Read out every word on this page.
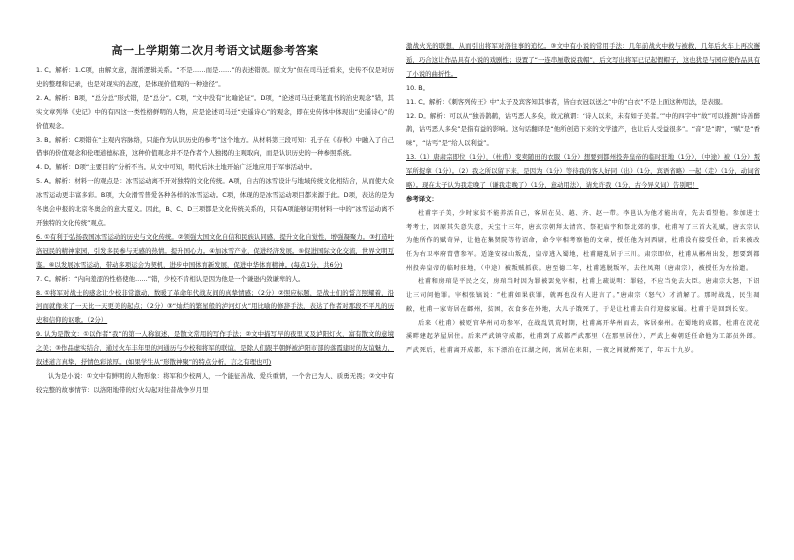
高一上学期第二次月考语文试题参考答案

1. C。解析：1.C项，由解文意，混淆逻辑关系。“不是……而是……”的表述错误。原文为“但在司马迁看来，史传不仅是对历史的整理和记录，也是对现实的态度，是体现价值观的一种途径”。

2. A。解析：B项，“总分总”形式错，是“总分”。C项，“文中没有“比喻论证”。D项，“论述司马迁秉笔直书的治史观念”错，其实文章列举《史记》中的有四这一类性格鲜明的人物，应是论述司马迁“史遥诗心”的观念，即在史传体中体现出“史遥诗心”的价值观念。

3. B。解析：C项错在“主观内容脉络，只能作为认识历史的参考”这个地方。从材料第三段可知：孔子在《春秋》中融入了自己借事的价值观念和伦理道德标准，这种价值观念并不是作者个人独揭的主观取向，而是认识历史的一种参照系统。

4. D。解析：D项“主要目的”分析不当。从文中可知，明代后沐土地开始广泛地应用于军事活动中。

5. A。解析：材料一的观点是：冰雪运动离不开对独特的文化传统。A项，自古的冰雪设计与地域传统文化相结合，从而使大众冰雪运动更丰富多彩。B项，大众滑雪普爱各种各样的冰雪运动。C项，体现的是冰雪运动项目都来源于此。D项，表达的是为冬奥会申报的北京冬奥会的意大夏义。因此，B、C、D三项都是文化传统关系的，只有A项能够证明材料一中的“冰雪运动离不开独特的文化传统”观点。

6. ①有利于弘扬我国冰雪运动的历史与文化传统。②领强大国文化自信和民族认同感，提升文化自觉性，增强凝聚力。③打造叶洛冠民的精神家园，引发多民参与无感的热情。提升国心力。④加冰雪产业，促进经济发展。⑤促进国际文化交流，世界文明互鉴。⑥以发展冰雪运动，带动多项运会为契机，进步中国体育新发展，促进中华体育精神。(每点1分，共6分)

7. C。解析：“内向羞涩的性格使他……”错，少校不肯相认是因为他是一个谦逊内敛谦卑的人。

8. ①将军对战士的感念让少校非常激动，数暖了革命年代战友间的真挚情感；（2分）②照应标题，是战士们的誓言照耀着，沿河而就像来了一天比一天更美的起点；（2分）③“灿烂的繁星般的泸河灯火”用比喻的修辞手法，表达了作者对那段不平凡的历史和信仰的讴歌。（2分）

9. 认为是散文：①以作者“我”的第一人称叙述，是散文常用的写作手法；②文中描写早的夜里叉及泸阳灯火，富有散文的意境之美；③作品虚实结合，通过火车丰年里的河通历与少校和将军的联谊，是除人们跟半朝鲜被泸阳市部的落霞建时的友谊魅力，叙述道言真挚，抒情色彩浓厚。(如果学生从“形散神聚”的特点分析，言之有理也可)

认为是小说：①文中有鲜明的人物形象：将军和少校两人，一个能征善战、爱兵重情，一个舍已为人、质勇无畏；②文中有较完整的故事情节：以洛阳地带的灯火勾起对往昔战争岁月里

激战火光的联想，从而引出将军对洛往事的追忆。③文中有小说的常用手法：几年前战火中救与被救，几年后火车上再次邂逅，巧合这让作品具有小说的戏剧性；设置了“一连串厘敬说我帽”，后文写出将军已记起假帽子，这也犹是与园应使作品具有了小说的曲折性。

10. B。

11. C。解析：《刺客列传王》中“太子及宾客知其事者，皆白衣冠以送之”中的“白衣”不是上面这种用法，是表服。

12. D。解析：可以从“独善鹊鹤，诂丐恶人多矣，故元稹谓：‘诗人以来，未有如子美者。’”中的四字中“故”可以推测“诗善醉鹊，诂丐恶人多矣”是指有益的影响。这句话翻译是“他所创造下来的文学遗产，也让后人受益很多”。“音”是“谓”，“赋”是“香味”，“诂丐”是“给人以利益”。

13.（1）唐肃宗即位（1分），（杜甫）变卖随田的衣服（1分）想要到都州投奔皇帝的临时驻地（1分），（中途）被（1分）叛军所捉拿（1分）。（2）我之所以留下来，是因为（1分）等待我的客人好同（出）（1分，宾语省略）一起（走）（1分，动词省略）。现在太子认为我走晚了（谦我走晚了）（1分，意动用法），请允许我（1分，古今异义词）告别吧！

参考译文：

杜甫字子美，少时家贫不能养活自己，客居在吴、越、齐、赵一带。李邕认为他才能出奇，先去看望他。参加进士考考士，因原其失意失意，天宝十三年，唐玄宗朝拜太清宫、祭祀庙宇和祭北郊的事，杜甫写了三首大礼赋，唐玄宗认为他所作的赋奇异，让他在集贤院等待诏命，命令宰相考察他的文章，授任他为河西尉，杜甫没有接受任命，后来被改任为右卫率府胄曹参军。适逢安禄山叛乱，皇帝逃入蜀地，杜甫避乱居于三川。肃宗即位，杜甫从郴州出发，想要到都州投奔皇帝的临时驻地，（中途）被叛贼抓获。唐至德二年，杜甫逃脱叛军，去往凤翔（唐肃宗），被授任为左拾遗。

杜甫和房琯是平民之交，房琯当时因为罪被罢免宰相，杜甫上疏说明：罪轻，不应当免去大臣。唐肃宗大怒，下诏让三司问他罪。宰相张镐说：“杜甫如果获罪，就再也没有人进言了。”唐肃宗（怒气）才消解了。那时战乱，民生凋敝，杜甫一家寄居在鄜州，贫困，衣食多在外地，大儿子饿死了，于是让杜甫去自行迎接家属。杜甫于是回到长安。

后来（杜甫）被贬官华州司功参军，在战乱饥荒时期，杜甫离开华州而去，客居秦州。在蜀地的成都，杜甫在浣花溪畔建起茅屋居住。后来严武镇守成都，杜甫到了成都严武那里（在那里居住），严武上奏朝廷任命他为工部员外郎。严武死后，杜甫离开成都，东下漂泊在江湖之间，寓居在耒阳，一夜之间就醉死了，年五十九岁。
